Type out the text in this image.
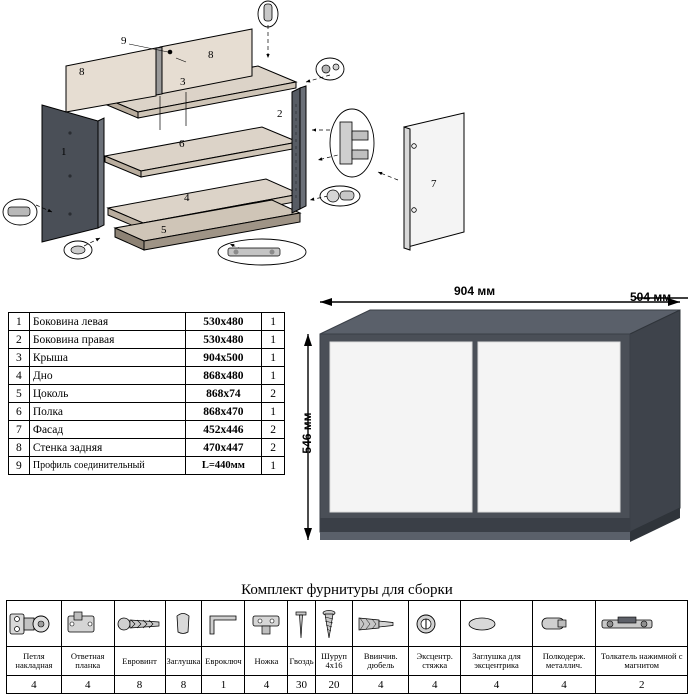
1
2
3
4
5
6
7
8
8
9
1	Боковина левая	530х480	1
2	Боковина правая	530х480	1
3	Крыша	904х500	1
4	Дно	868х480	1
5	Цоколь	868х74	2
6	Полка	868х470	1
7	Фасад	452х446	2
8	Стенка задняя	470х447	2
9	Профиль соединительный	L=440мм	1
904 мм	504 мм
546 мм
Комплект фурнитуры для сборки

Петля накладная	Ответная планка	Евровинт	Заглушка	Евроключ	Ножка	Гвоздь	Шуруп 4х16	Ввинчив. дюбель	Эксцентр. стяжка	Заглушка для эксцентрика	Полкодерж. металлич.	Толкатель нажимной с магнитом
4	4	8	8	1	4	30	20	4	4	4	4	2
